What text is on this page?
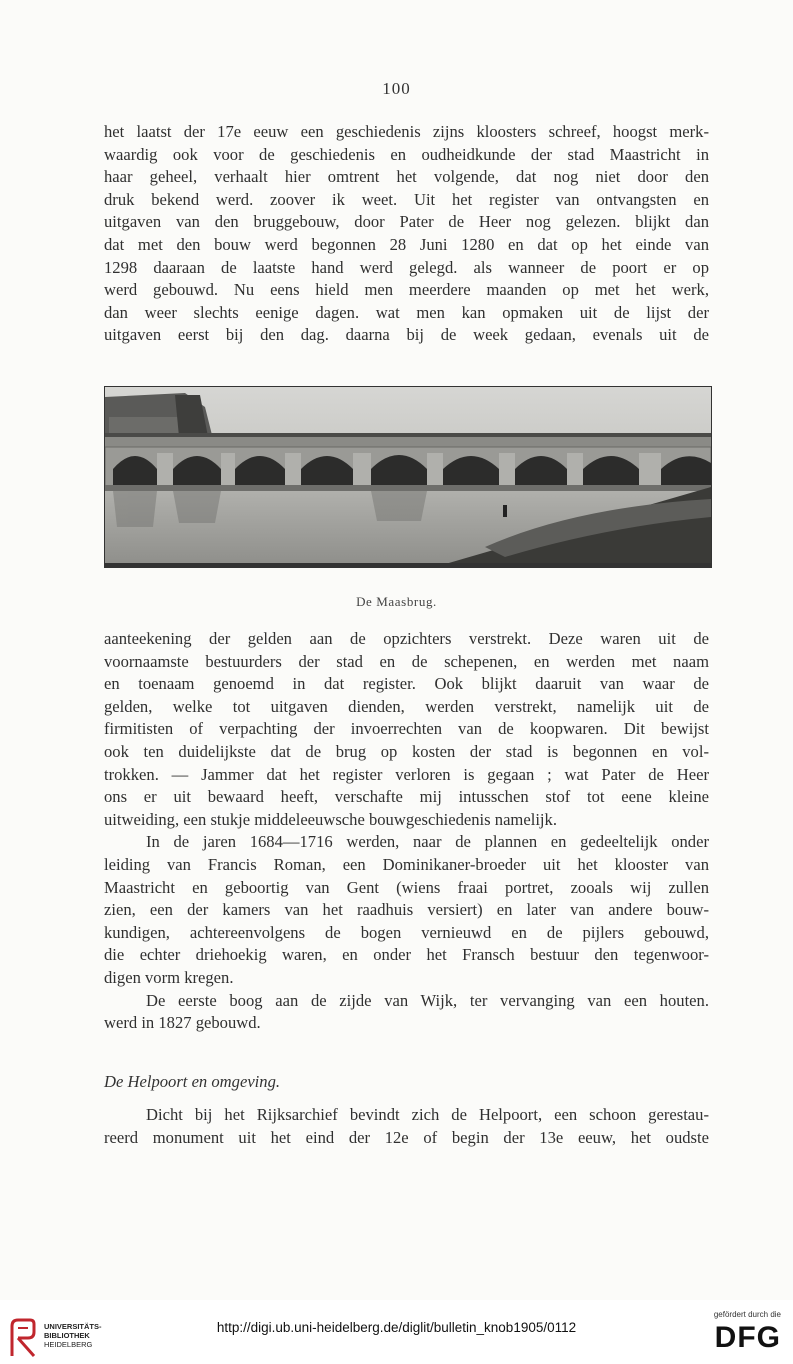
100
het laatst der 17e eeuw een geschiedenis zijns kloosters schreef, hoogst merk-
waardig ook voor de geschiedenis en oudheidkunde der stad Maastricht in
haar geheel, verhaalt hier omtrent het volgende, dat nog niet door den
druk bekend werd. zoover ik weet. Uit het register van ontvangsten en
uitgaven van den bruggebouw, door Pater de Heer nog gelezen. blijkt dan
dat met den bouw werd begonnen 28 Juni 1280 en dat op het einde van
1298 daaraan de laatste hand werd gelegd. als wanneer de poort er op
werd gebouwd. Nu eens hield men meerdere maanden op met het werk,
dan weer slechts eenige dagen. wat men kan opmaken uit de lijst der
uitgaven eerst bij den dag. daarna bij de week gedaan, evenals uit de
De Maasbrug.
aanteekening der gelden aan de opzichters verstrekt. Deze waren uit de
voornaamste bestuurders der stad en de schepenen, en werden met naam
en toenaam genoemd in dat register. Ook blijkt daaruit van waar de
gelden, welke tot uitgaven dienden, werden verstrekt, namelijk uit de
firmitisten of verpachting der invoerrechten van de koopwaren. Dit bewijst
ook ten duidelijkste dat de brug op kosten der stad is begonnen en vol-
trokken. — Jammer dat het register verloren is gegaan ; wat Pater de Heer
ons er uit bewaard heeft, verschafte mij intusschen stof tot eene kleine
uitweiding, een stukje middeleeuwsche bouwgeschiedenis namelijk.
In de jaren 1684—1716 werden, naar de plannen en gedeeltelijk onder
leiding van Francis Roman, een Dominikaner-broeder uit het klooster van
Maastricht en geboortig van Gent (wiens fraai portret, zooals wij zullen
zien, een der kamers van het raadhuis versiert) en later van andere bouw-
kundigen, achtereenvolgens de bogen vernieuwd en de pijlers gebouwd,
die echter driehoekig waren, en onder het Fransch bestuur den tegenwoor-
digen vorm kregen.
De eerste boog aan de zijde van Wijk, ter vervanging van een houten.
werd in 1827 gebouwd.
De Helpoort en omgeving.
Dicht bij het Rijksarchief bevindt zich de Helpoort, een schoon gerestau-
reerd monument uit het eind der 12e of begin der 13e eeuw, het oudste
UNIVERSITÄTS-
BIBLIOTHEK
HEIDELBERG
http://digi.ub.uni-heidelberg.de/diglit/bulletin_knob1905/0112
gefördert durch die
DFG
